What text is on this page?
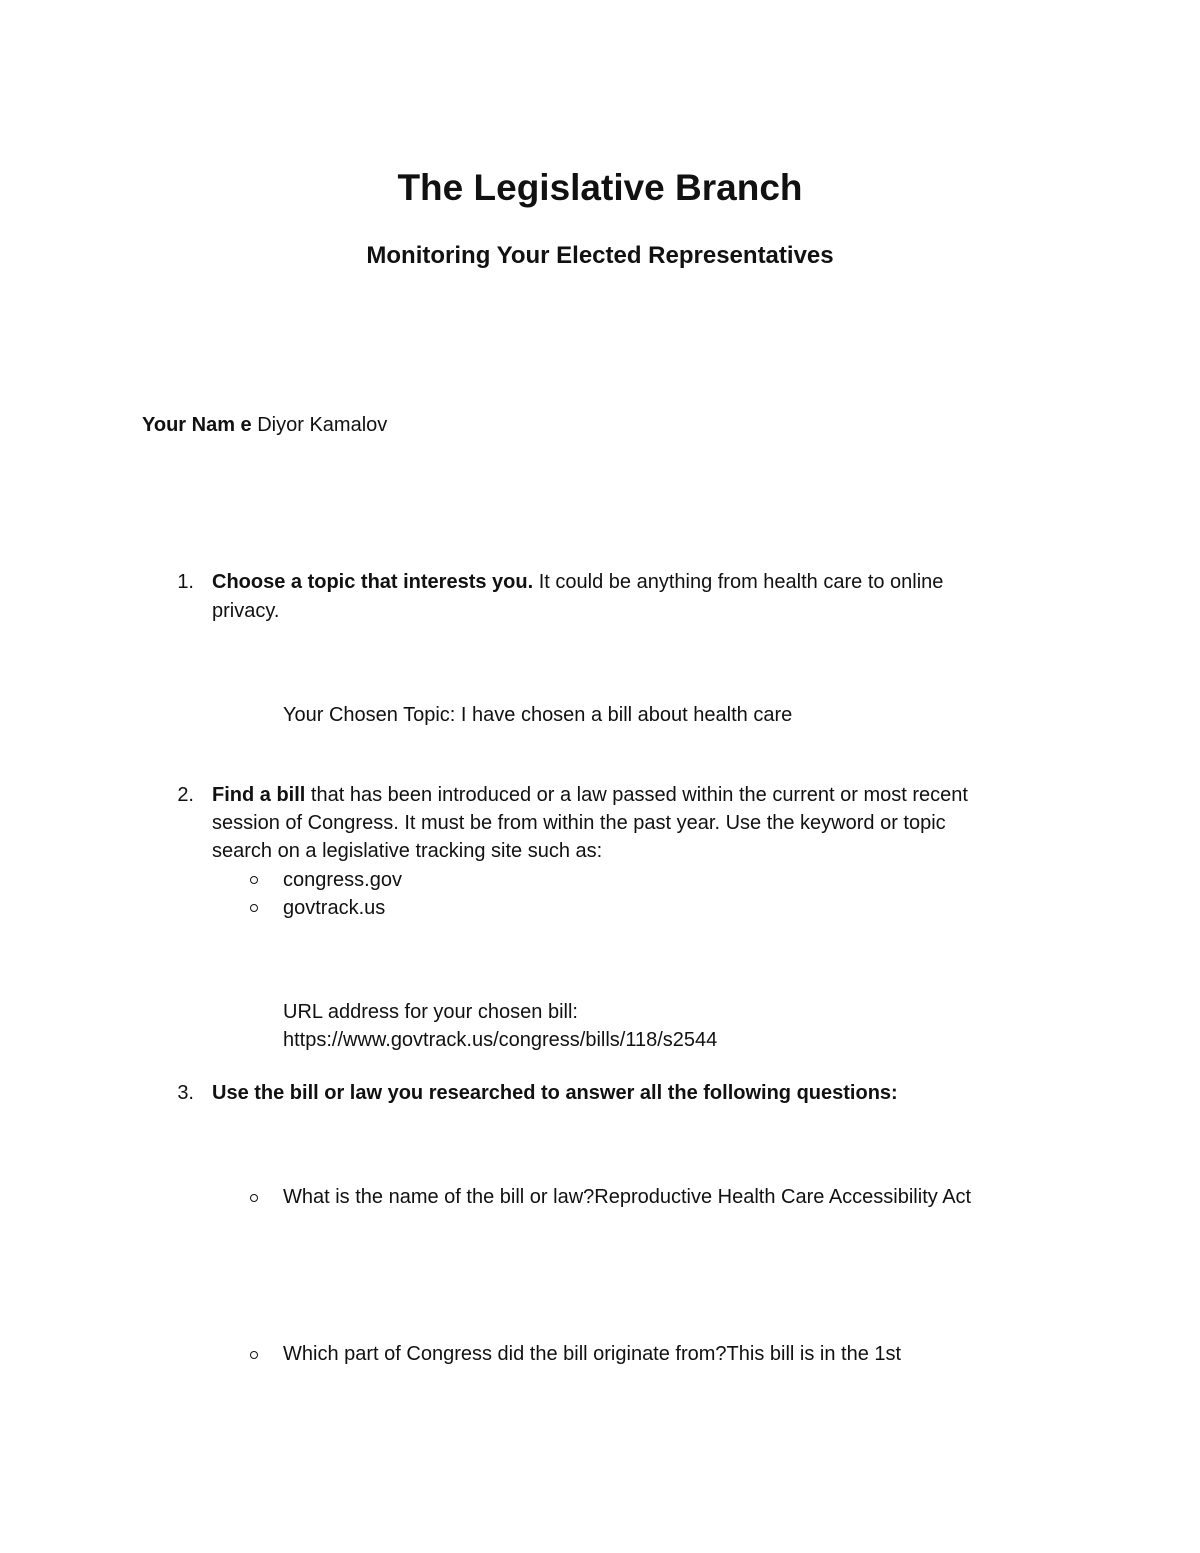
The Legislative Branch
Monitoring Your Elected Representatives
Your Nam e Diyor Kamalov
1. Choose a topic that interests you. It could be anything from health care to online
privacy.
Your Chosen Topic: I have chosen a bill about health care
2. Find a bill that has been introduced or a law passed within the current or most recent
session of Congress. It must be from within the past year. Use the keyword or topic
search on a legislative tracking site such as:
congress.gov
govtrack.us
URL address for your chosen bill:
https://www.govtrack.us/congress/bills/118/s2544
3. Use the bill or law you researched to answer all the following questions:
What is the name of the bill or law?Reproductive Health Care Accessibility Act
Which part of Congress did the bill originate from?This bill is in the 1st
